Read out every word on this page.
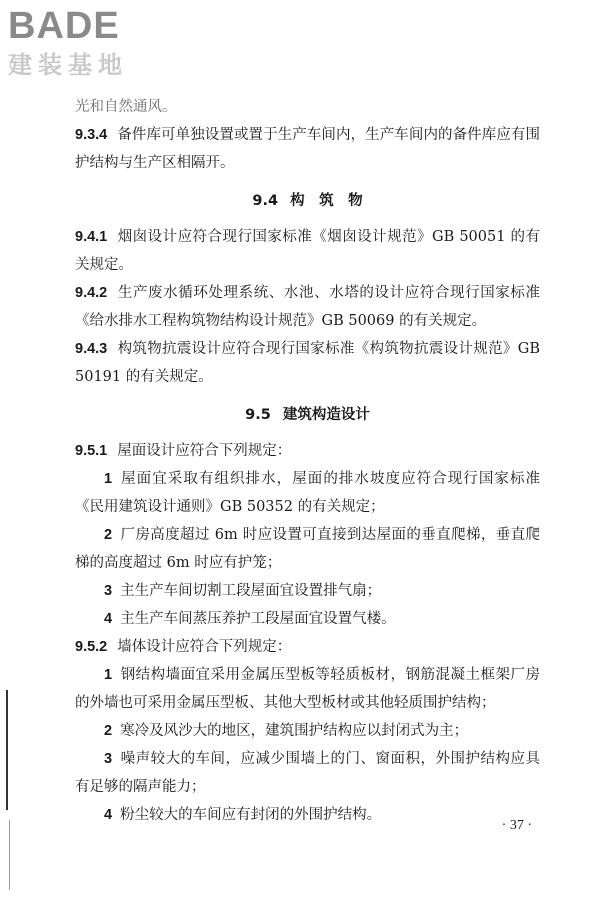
BADE
建装基地

光和自然通风。

9.3.4 备件库可单独设置或置于生产车间内，生产车间内的备件库应有围护结构与生产区相隔开。

9.4 构　筑　物

9.4.1 烟囱设计应符合现行国家标准《烟囱设计规范》GB 50051 的有关规定。

9.4.2 生产废水循环处理系统、水池、水塔的设计应符合现行国家标准《给水排水工程构筑物结构设计规范》GB 50069 的有关规定。

9.4.3 构筑物抗震设计应符合现行国家标准《构筑物抗震设计规范》GB 50191 的有关规定。

9.5 建筑构造设计

9.5.1 屋面设计应符合下列规定：

1 屋面宜采取有组织排水，屋面的排水坡度应符合现行国家标准《民用建筑设计通则》GB 50352 的有关规定；

2 厂房高度超过 6m 时应设置可直接到达屋面的垂直爬梯，垂直爬梯的高度超过 6m 时应有护笼；

3 主生产车间切割工段屋面宜设置排气扇；

4 主生产车间蒸压养护工段屋面宜设置气楼。

9.5.2 墙体设计应符合下列规定：

1 钢结构墙面宜采用金属压型板等轻质板材，钢筋混凝土框架厂房的外墙也可采用金属压型板、其他大型板材或其他轻质围护结构；

2 寒冷及风沙大的地区，建筑围护结构应以封闭式为主；

3 噪声较大的车间，应减少围墙上的门、窗面积，外围护结构应具有足够的隔声能力；

4 粉尘较大的车间应有封闭的外围护结构。

· 37 ·
